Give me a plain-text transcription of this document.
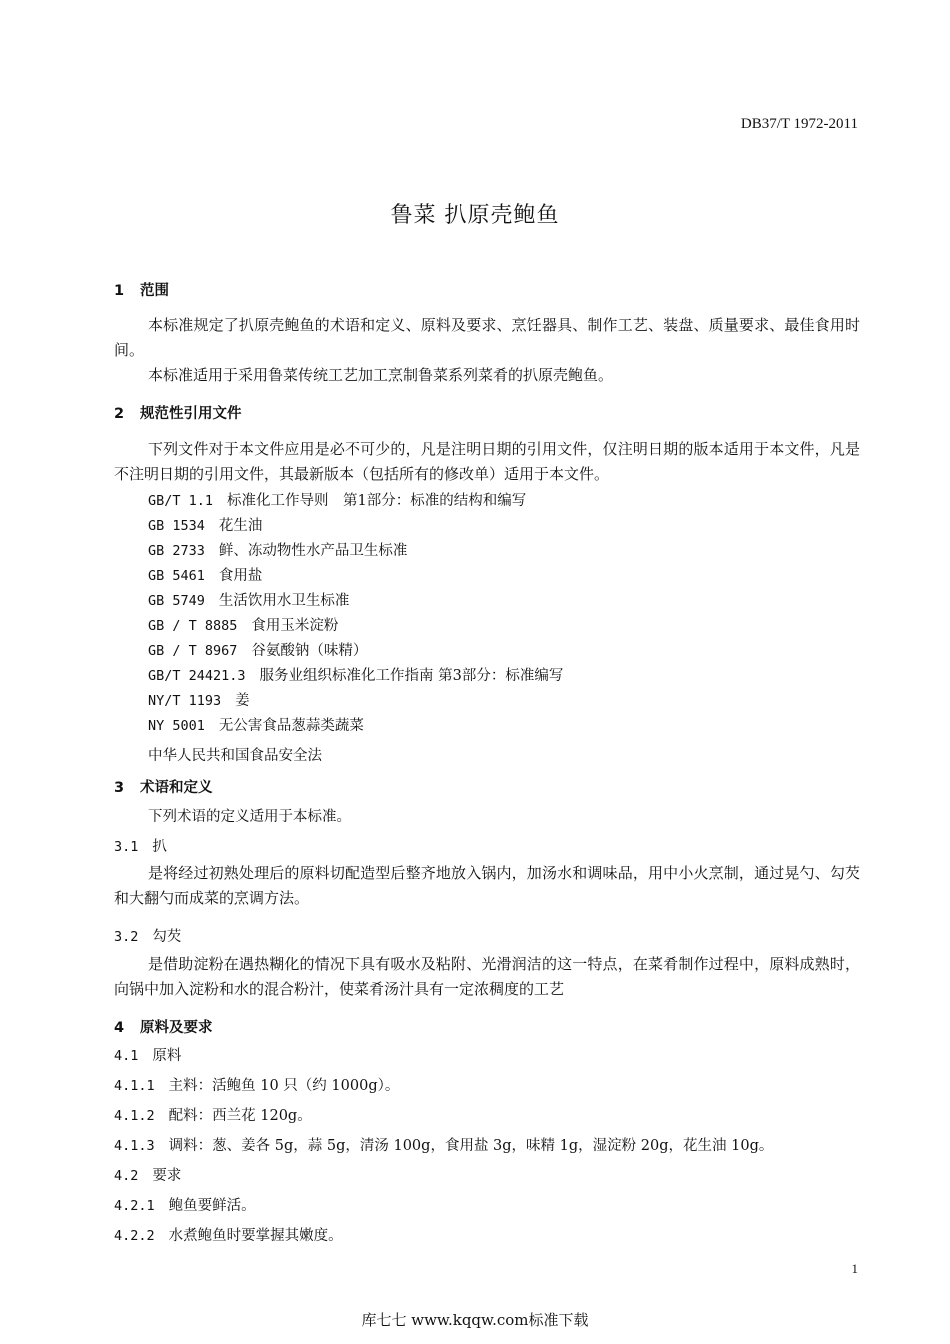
DB37/T 1972-2011
鲁菜 扒原壳鲍鱼
1 范围
本标准规定了扒原壳鲍鱼的术语和定义、原料及要求、烹饪器具、制作工艺、装盘、质量要求、最佳食用时间。
本标准适用于采用鲁菜传统工艺加工烹制鲁菜系列菜肴的扒原壳鲍鱼。
2 规范性引用文件
下列文件对于本文件应用是必不可少的，凡是注明日期的引用文件，仅注明日期的版本适用于本文件，凡是不注明日期的引用文件，其最新版本（包括所有的修改单）适用于本文件。
GB/T 1.1 标准化工作导则　第1部分：标准的结构和编写
GB 1534 花生油
GB 2733 鲜、冻动物性水产品卫生标准
GB 5461 食用盐
GB 5749 生活饮用水卫生标准
GB / T 8885 食用玉米淀粉
GB / T 8967 谷氨酸钠（味精）
GB/T 24421.3 服务业组织标准化工作指南 第3部分：标准编写
NY/T 1193 姜
NY 5001 无公害食品葱蒜类蔬菜
中华人民共和国食品安全法
3 术语和定义
下列术语的定义适用于本标准。
3.1 扒
是将经过初熟处理后的原料切配造型后整齐地放入锅内，加汤水和调味品，用中小火烹制，通过晃勺、勾芡和大翻勺而成菜的烹调方法。
3.2 勾芡
是借助淀粉在遇热糊化的情况下具有吸水及粘附、光滑润洁的这一特点，在菜肴制作过程中，原料成熟时，向锅中加入淀粉和水的混合粉汁，使菜肴汤汁具有一定浓稠度的工艺
4 原料及要求
4.1 原料
4.1.1 主料：活鲍鱼 10 只（约 1000g）。
4.1.2 配料：西兰花 120g。
4.1.3 调料：葱、姜各 5g，蒜 5g，清汤 100g，食用盐 3g，味精 1g，湿淀粉 20g，花生油 10g。
4.2 要求
4.2.1 鲍鱼要鲜活。
4.2.2 水煮鲍鱼时要掌握其嫩度。
1
库七七 www.kqqw.com标准下载
